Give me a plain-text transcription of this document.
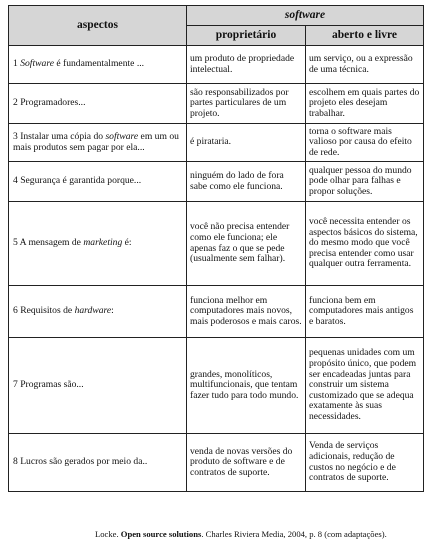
aspectos	software	
	proprietário	aberto e livre
1 Software é fundamentalmente ...	um produto de propriedade intelectual.	um serviço, ou a expressão de uma técnica.
2 Programadores...	são responsabilizados por partes particulares de um projeto.	escolhem em quais partes do projeto eles desejam trabalhar.
3 Instalar uma cópia do software em um ou mais produtos sem pagar por ela...	é pirataria.	torna o software mais valioso por causa do efeito de rede.
4 Segurança é garantida porque...	ninguém do lado de fora sabe como ele funciona.	qualquer pessoa do mundo pode olhar para falhas e propor soluções.
5 A mensagem de marketing é:	você não precisa entender como ele funciona; ele apenas faz o que se pede (usualmente sem falhar).	você necessita entender os aspectos básicos do sistema, do mesmo modo que você precisa entender como usar qualquer outra ferramenta.
6 Requisitos de hardware:	funciona melhor em computadores mais novos, mais poderosos e mais caros.	funciona bem em computadores mais antigos e baratos.
7 Programas são...	grandes, monolíticos, multifuncionais, que tentam fazer tudo para todo mundo.	pequenas unidades com um propósito único, que podem ser encadeadas juntas para construir um sistema customizado que se adequa exatamente às suas necessidades.
8 Lucros são gerados por meio da..	venda de novas versões do produto de software e de contratos de suporte.	Venda de serviços adicionais, redução de custos no negócio e de contratos de suporte.
Locke. Open source solutions. Charles Riviera Media, 2004, p. 8 (com adaptações).
